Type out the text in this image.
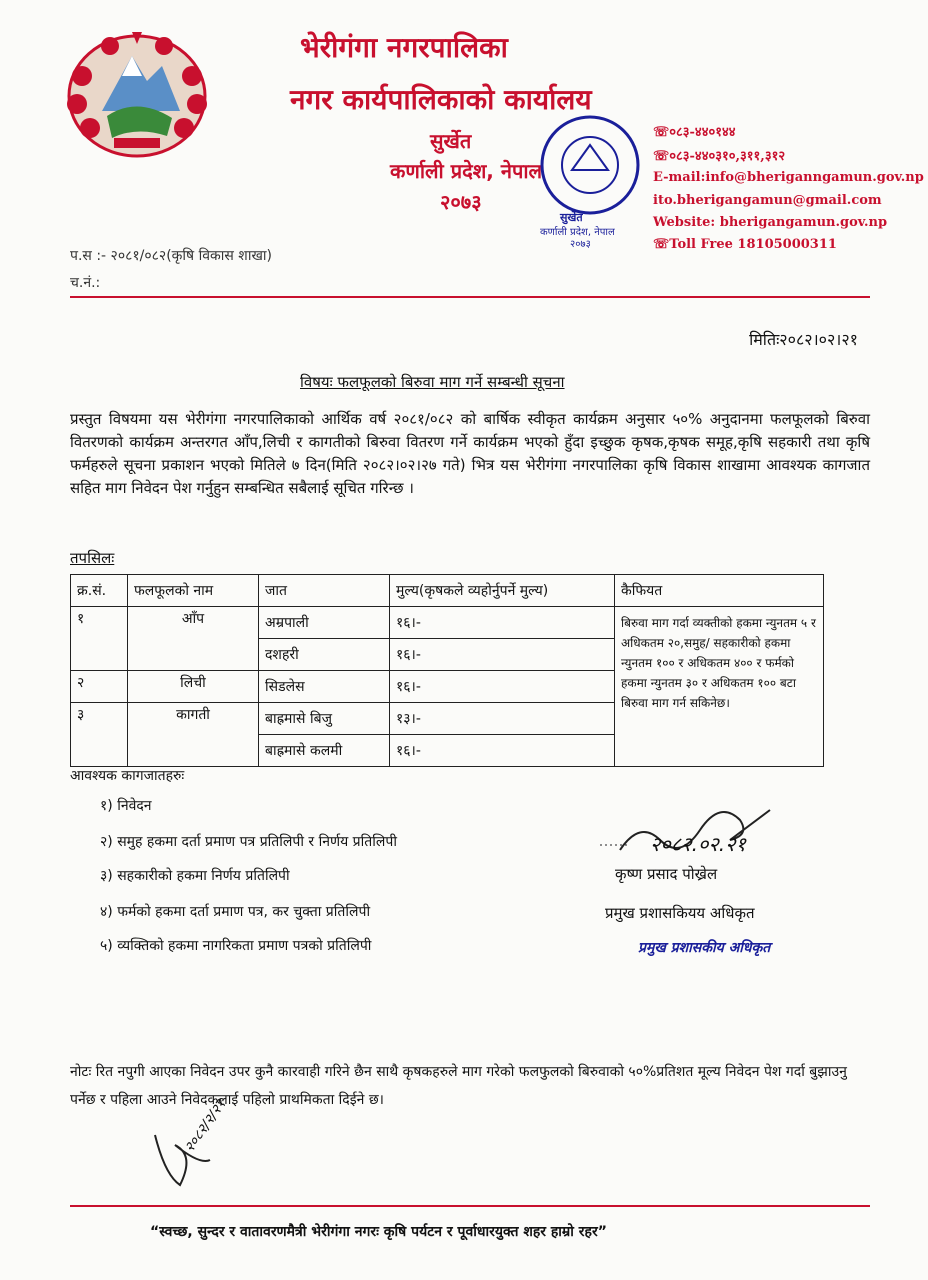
भेरीगंगा नगरपालिका
नगर कार्यपालिकाको कार्यालय
सुर्खेत
कर्णाली प्रदेश, नेपाल
२०७३
सुर्खेत
कर्णाली प्रदेश, नेपाल
२०७३
☏०८३-४४०१४४
☏०८३-४४०३१०,३११,३१२
E-mail:info@bheriganngamun.gov.np
ito.bherigangamun@gmail.com
Website: bherigangamun.gov.np
☏Toll Free 18105000311
प.स :- २०८१/०८२(कृषि विकास शाखा)
च.नं.:
मितिः२०८२।०२।२१
विषयः फलफूलको बिरुवा माग गर्ने सम्बन्धी सूचना
प्रस्तुत विषयमा यस भेरीगंगा नगरपालिकाको आर्थिक वर्ष २०८१/०८२ को बार्षिक स्वीकृत कार्यक्रम अनुसार ५०% अनुदानमा फलफूलको बिरुवा वितरणको कार्यक्रम अन्तरगत आँप,लिची र कागतीको बिरुवा वितरण गर्ने कार्यक्रम भएको हुँदा इच्छुक कृषक,कृषक समूह,कृषि सहकारी तथा कृषि फर्महरुले सूचना प्रकाशन भएको मितिले ७ दिन(मिति २०८२।०२।२७ गते) भित्र यस भेरीगंगा नगरपालिका कृषि विकास शाखामा आवश्यक कागजात सहित माग निवेदन पेश गर्नुहुन सम्बन्धित सबैलाई सूचित गरिन्छ ।
तपसिलः
क्र.सं.	फलफूलको नाम	जात	मुल्य(कृषकले व्यहोर्नुपर्ने मुल्य)	कैफियत
१	आँप	अम्रपाली	१६।-	बिरुवा माग गर्दा व्यक्तीको हकमा न्युनतम ५ र अधिकतम २०,समुह/ सहकारीको हकमा न्युनतम १०० र अधिकतम ४०० र फर्मको हकमा न्युनतम ३० र अधिकतम १०० बटा बिरुवा माग गर्न सकिनेछ।
		दशहरी	१६।-	
२	लिची	सिडलेस	१६।-	
३	कागती	बाह्रमासे बिजु	१३।-	
		बाह्रमासे कलमी	१६।-	
आवश्यक कागजातहरुः
१) निवेदन
२) समुह हकमा दर्ता प्रमाण पत्र प्रतिलिपी र निर्णय प्रतिलिपी
३) सहकारीको हकमा निर्णय प्रतिलिपी
४) फर्मको हकमा दर्ता प्रमाण पत्र, कर चुक्ता प्रतिलिपी
५) व्यक्तिको हकमा नागरिकता प्रमाण पत्रको प्रतिलिपी
२०८२.०२.२१
कृष्ण प्रसाद पोख्रेल
प्रमुख प्रशासकियय अधिकृत
प्रमुख प्रशासकीय अधिकृत
नोटः रित नपुगी आएका निवेदन उपर कुनै कारवाही गरिने छैन साथै कृषकहरुले माग गरेको फलफुलको बिरुवाको ५०%प्रतिशत मूल्य निवेदन पेश गर्दा बुझाउनु पर्नेछ र पहिला आउने निवेदकलाई पहिलो प्राथमिकता दिईने छ।
२०८२/२/२१
“स्वच्छ, सुन्दर र वातावरणमैत्री भेरीगंगा नगरः कृषि पर्यटन र पूर्वाधारयुक्त शहर हाम्रो रहर”
